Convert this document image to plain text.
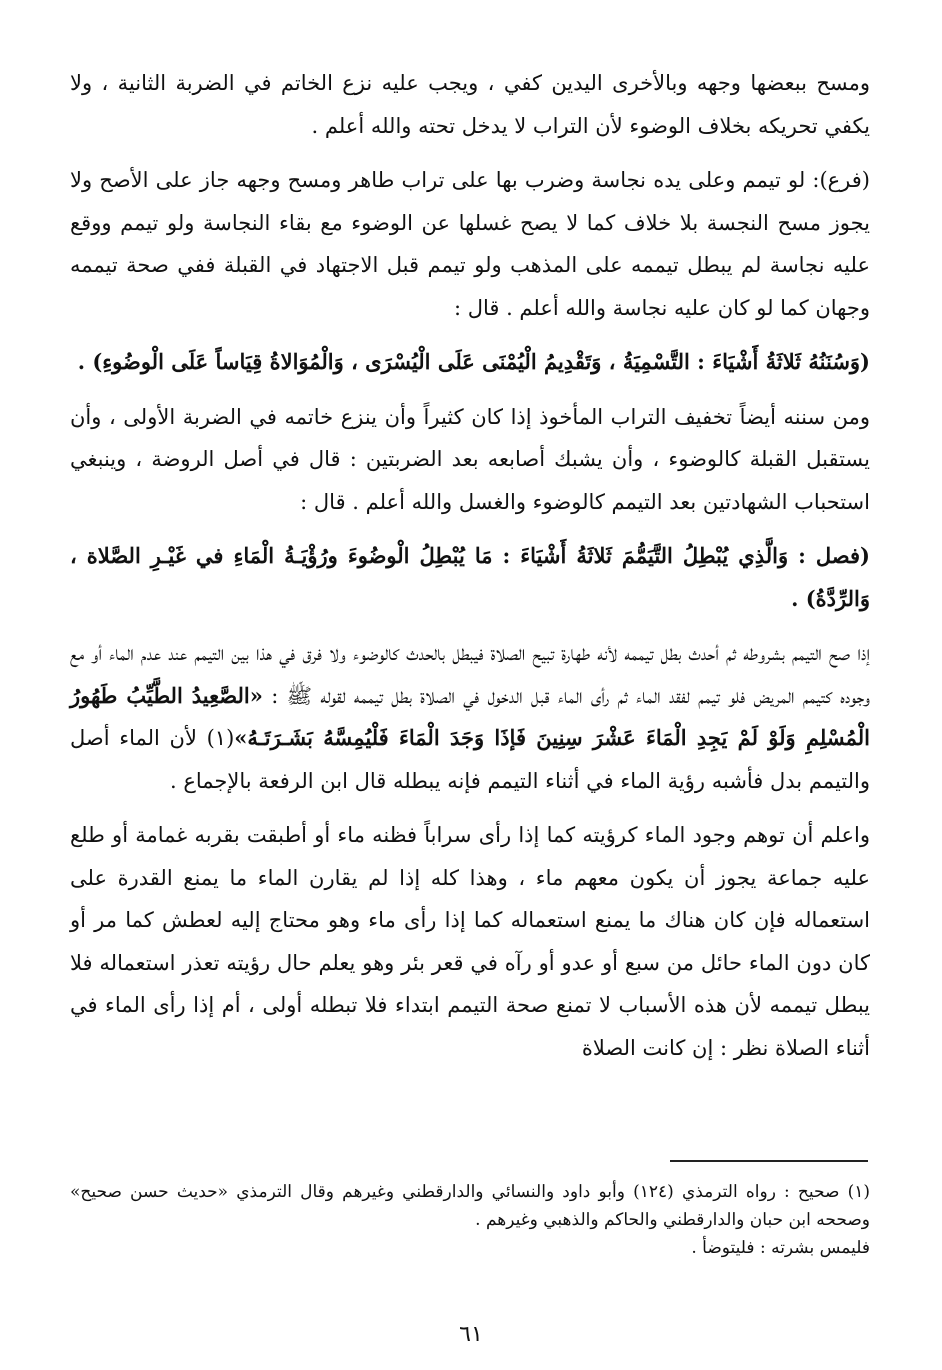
ومسح ببعضها وجهه وبالأخرى اليدين كفي ، ويجب عليه نزع الخاتم في الضربة الثانية ، ولا يكفي تحريكه بخلاف الوضوء لأن التراب لا يدخل تحته والله أعلم .

(فرع): لو تيمم وعلى يده نجاسة وضرب بها على تراب طاهر ومسح وجهه جاز على الأصح ولا يجوز مسح النجسة بلا خلاف كما لا يصح غسلها عن الوضوء مع بقاء النجاسة ولو تيمم ووقع عليه نجاسة لم يبطل تيممه على المذهب ولو تيمم قبل الاجتهاد في القبلة ففي صحة تيممه وجهان كما لو كان عليه نجاسة والله أعلم . قال :

(وَسُنَنُهُ ثَلاثَةُ أَشْيَاءَ : التَّسْمِيَةُ ، وَتَقْدِيمُ الْيُمْنَى عَلَى الْيُسْرَى ، وَالْمُوَالاةُ قِيَاساً عَلَى الْوضُوءِ) .

ومن سننه أيضاً تخفيف التراب المأخوذ إذا كان كثيراً وأن ينزع خاتمه في الضربة الأولى ، وأن يستقبل القبلة كالوضوء ، وأن يشبك أصابعه بعد الضربتين : قال في أصل الروضة ، وينبغي استحباب الشهادتين بعد التيمم كالوضوء والغسل والله أعلم . قال :

(فصل : وَالَّذِي يُبْطِلُ التَّيَمُّمَ ثَلاثَةُ أَشْيَاءَ : مَا يُبْطِلُ الْوضُوءَ ورُؤْيَـةُ الْمَاءِ في غَيْـرِ الصَّلاة ، وَالرِّدَّةُ) .

إذا صح التيمم بشروطه ثم أحدث بطل تيممه لأنه طهارة تبيح الصلاة فيبطل بالحدث كالوضوء ولا فرق في هذا بين التيمم عند عدم الماء أو مع وجوده كتيمم المريض فلو تيمم لفقد الماء ثم رأى الماء قبل الدخول في الصلاة بطل تيممه لقوله ﷺ : «الصَّعِيدُ الطَّيِّبُ طَهُورُ الْمُسْلِمِ وَلَوْ لَمْ يَجِدِ الْمَاءَ عَشْرَ سِنِينَ فَإذَا وَجَدَ الْمَاءَ فَلْيُمِسَّهُ بَشَـرَتَـهُ»(١) لأن الماء أصل والتيمم بدل فأشبه رؤية الماء في أثناء التيمم فإنه يبطله قال ابن الرفعة بالإجماع .

واعلم أن توهم وجود الماء كرؤيته كما إذا رأى سراباً فظنه ماء أو أطبقت بقربه غمامة أو طلع عليه جماعة يجوز أن يكون معهم ماء ، وهذا كله إذا لم يقارن الماء ما يمنع القدرة على استعماله فإن كان هناك ما يمنع استعماله كما إذا رأى ماء وهو محتاج إليه لعطش كما مر أو كان دون الماء حائل من سبع أو عدو أو رآه في قعر بئر وهو يعلم حال رؤيته تعذر استعماله فلا يبطل تيممه لأن هذه الأسباب لا تمنع صحة التيمم ابتداء فلا تبطله أولى ، أم إذا رأى الماء في أثناء الصلاة نظر : إن كانت الصلاة

(١) صحيح : رواه الترمذي (١٢٤) وأبو داود والنسائي والدارقطني وغيرهم وقال الترمذي «حديث حسن صحيح» وصححه ابن حبان والدارقطني والحاكم والذهبي وغيرهم .

فليمس بشرته : فليتوضأ .

٦١
